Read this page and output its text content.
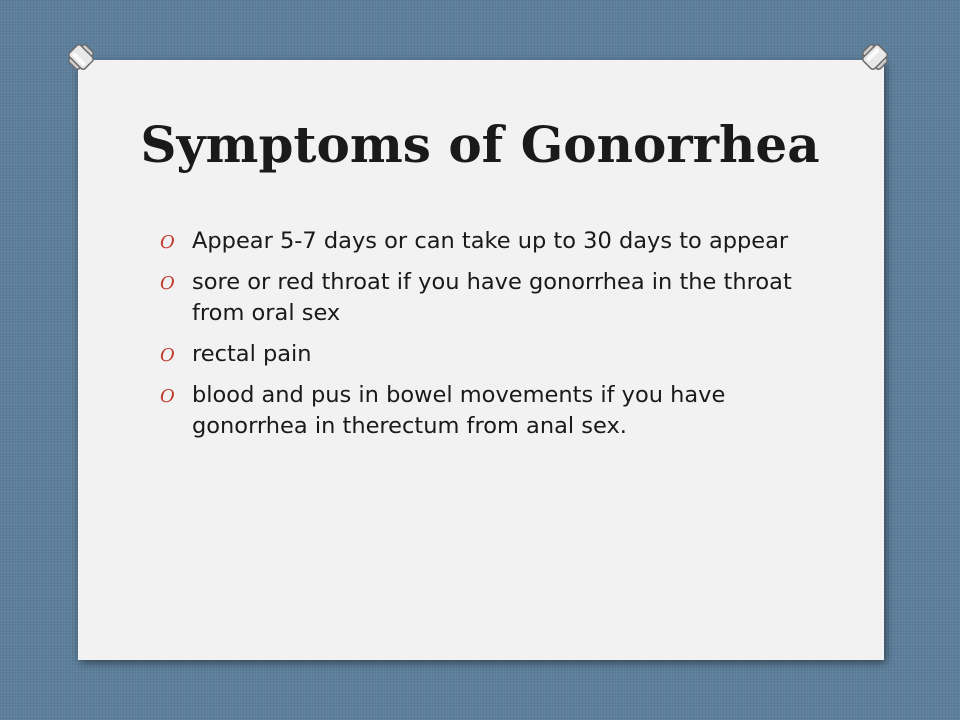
Symptoms of Gonorrhea
O Appear 5-7 days or can take up to 30 days to appear
O sore or red throat if you have gonorrhea in the throat from oral sex
O rectal pain
O blood and pus in bowel movements if you have gonorrhea in therectum from anal sex.
